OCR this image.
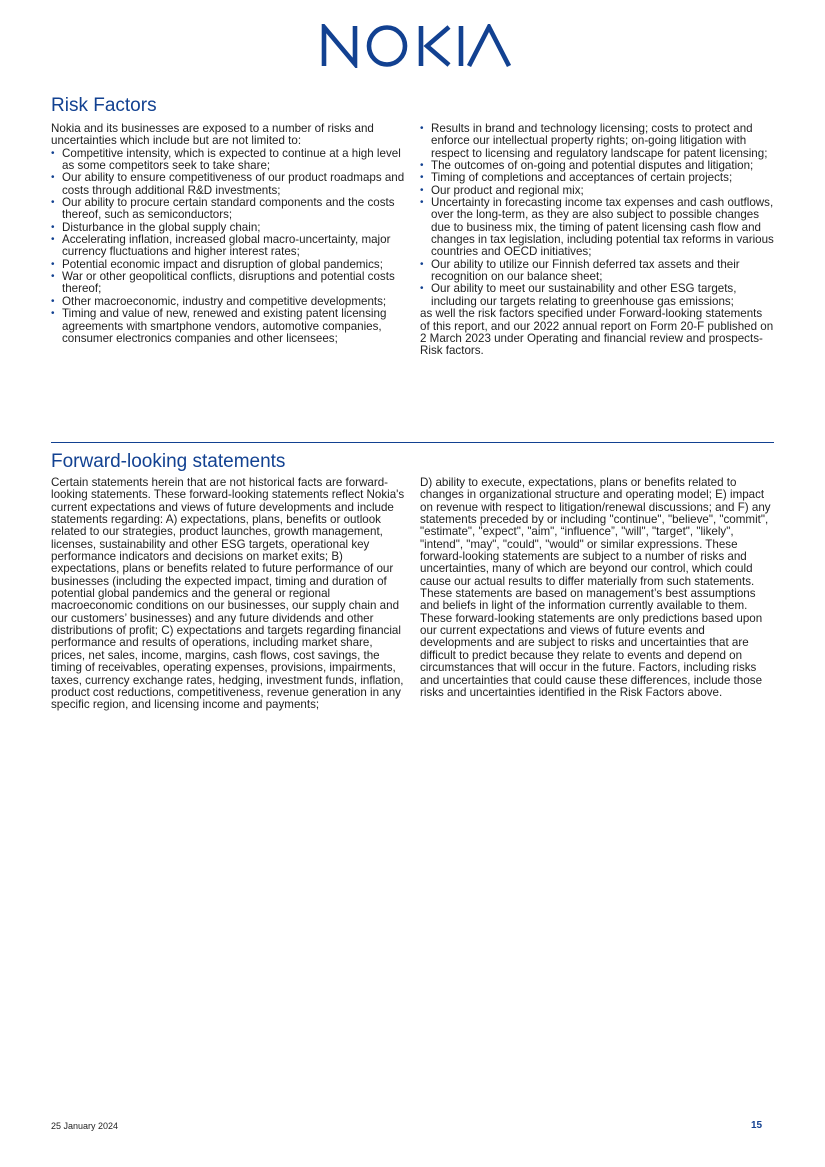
Risk Factors

Nokia and its businesses are exposed to a number of risks and uncertainties which include but are not limited to:

• Competitive intensity, which is expected to continue at a high level as some competitors seek to take share;
• Our ability to ensure competitiveness of our product roadmaps and costs through additional R&D investments;
• Our ability to procure certain standard components and the costs thereof, such as semiconductors;
• Disturbance in the global supply chain;
• Accelerating inflation, increased global macro-uncertainty, major currency fluctuations and higher interest rates;
• Potential economic impact and disruption of global pandemics;
• War or other geopolitical conflicts, disruptions and potential costs thereof;
• Other macroeconomic, industry and competitive developments;
• Timing and value of new, renewed and existing patent licensing agreements with smartphone vendors, automotive companies, consumer electronics companies and other licensees;
• Results in brand and technology licensing; costs to protect and enforce our intellectual property rights; on-going litigation with respect to licensing and regulatory landscape for patent licensing;
• The outcomes of on-going and potential disputes and litigation;
• Timing of completions and acceptances of certain projects;
• Our product and regional mix;
• Uncertainty in forecasting income tax expenses and cash outflows, over the long-term, as they are also subject to possible changes due to business mix, the timing of patent licensing cash flow and changes in tax legislation, including potential tax reforms in various countries and OECD initiatives;
• Our ability to utilize our Finnish deferred tax assets and their recognition on our balance sheet;
• Our ability to meet our sustainability and other ESG targets, including our targets relating to greenhouse gas emissions;

as well the risk factors specified under Forward-looking statements of this report, and our 2022 annual report on Form 20-F published on 2 March 2023 under Operating and financial review and prospects-Risk factors.

Forward-looking statements

Certain statements herein that are not historical facts are forward-looking statements. These forward-looking statements reflect Nokia's current expectations and views of future developments and include statements regarding: A) expectations, plans, benefits or outlook related to our strategies, product launches, growth management, licenses, sustainability and other ESG targets, operational key performance indicators and decisions on market exits; B) expectations, plans or benefits related to future performance of our businesses (including the expected impact, timing and duration of potential global pandemics and the general or regional macroeconomic conditions on our businesses, our supply chain and our customers’ businesses) and any future dividends and other distributions of profit; C) expectations and targets regarding financial performance and results of operations, including market share, prices, net sales, income, margins, cash flows, cost savings, the timing of receivables, operating expenses, provisions, impairments, taxes, currency exchange rates, hedging, investment funds, inflation, product cost reductions, competitiveness, revenue generation in any specific region, and licensing income and payments;

D) ability to execute, expectations, plans or benefits related to changes in organizational structure and operating model; E) impact on revenue with respect to litigation/renewal discussions; and F) any statements preceded by or including "continue", "believe", "commit", "estimate", "expect", "aim", “influence”, "will", "target", "likely", "intend", "may", "could", "would" or similar expressions. These forward-looking statements are subject to a number of risks and uncertainties, many of which are beyond our control, which could cause our actual results to differ materially from such statements. These statements are based on management’s best assumptions and beliefs in light of the information currently available to them. These forward-looking statements are only predictions based upon our current expectations and views of future events and developments and are subject to risks and uncertainties that are difficult to predict because they relate to events and depend on circumstances that will occur in the future. Factors, including risks and uncertainties that could cause these differences, include those risks and uncertainties identified in the Risk Factors above.

25 January 2024	15
